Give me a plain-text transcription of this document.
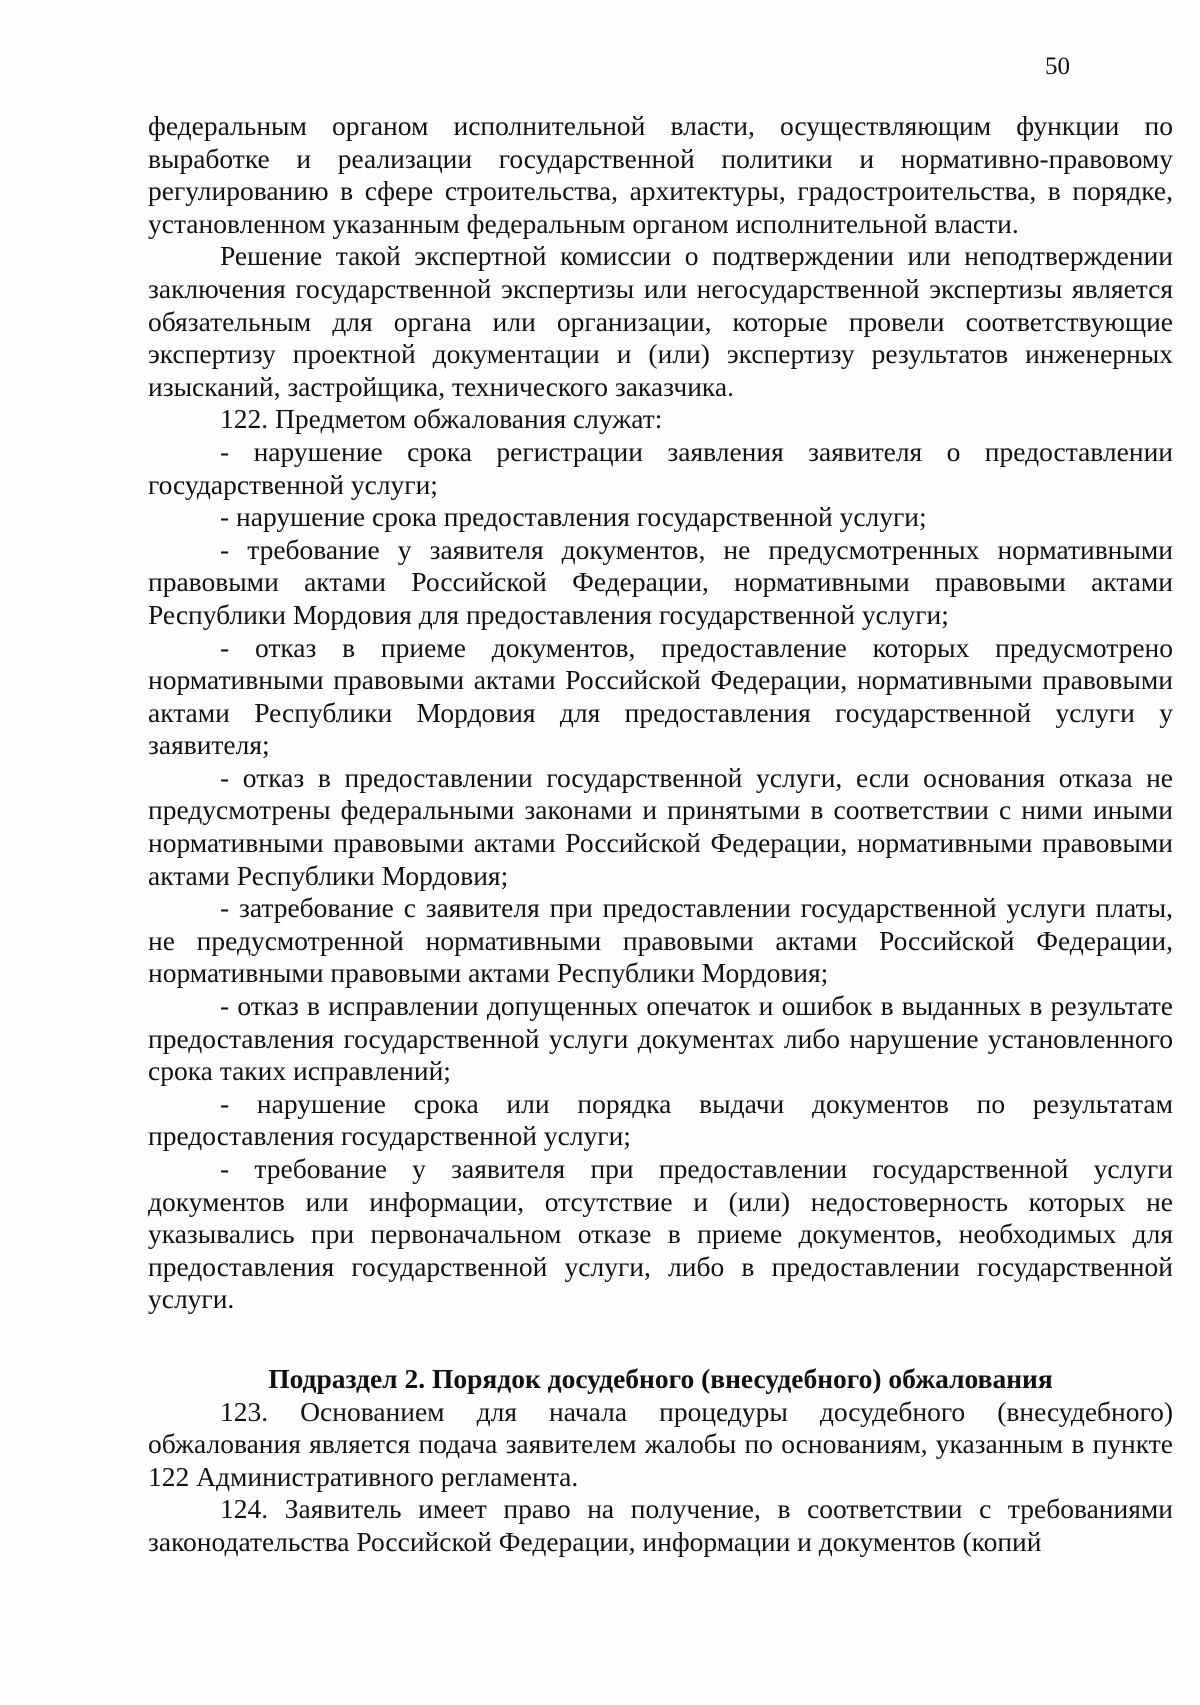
50

федеральным органом исполнительной власти, осуществляющим функции по выработке и реализации государственной политики и нормативно-правовому регулированию в сфере строительства, архитектуры, градостроительства, в порядке, установленном указанным федеральным органом исполнительной власти.

Решение такой экспертной комиссии о подтверждении или неподтверждении заключения государственной экспертизы или негосударственной экспертизы является обязательным для органа или организации, которые провели соответствующие экспертизу проектной документации и (или) экспертизу результатов инженерных изысканий, застройщика, технического заказчика.

122. Предметом обжалования служат:

- нарушение срока регистрации заявления заявителя о предоставлении государственной услуги;

- нарушение срока предоставления государственной услуги;

- требование у заявителя документов, не предусмотренных нормативными правовыми актами Российской Федерации, нормативными правовыми актами Республики Мордовия для предоставления государственной услуги;

- отказ в приеме документов, предоставление которых предусмотрено нормативными правовыми актами Российской Федерации, нормативными правовыми актами Республики Мордовия для предоставления государственной услуги у заявителя;

- отказ в предоставлении государственной услуги, если основания отказа не предусмотрены федеральными законами и принятыми в соответствии с ними иными нормативными правовыми актами Российской Федерации, нормативными правовыми актами Республики Мордовия;

- затребование с заявителя при предоставлении государственной услуги платы, не предусмотренной нормативными правовыми актами Российской Федерации, нормативными правовыми актами Республики Мордовия;

- отказ в исправлении допущенных опечаток и ошибок в выданных в результате предоставления государственной услуги документах либо нарушение установленного срока таких исправлений;

- нарушение срока или порядка выдачи документов по результатам предоставления государственной услуги;

- требование у заявителя при предоставлении государственной услуги документов или информации, отсутствие и (или) недостоверность которых не указывались при первоначальном отказе в приеме документов, необходимых для предоставления государственной услуги, либо в предоставлении государственной услуги.

Подраздел 2. Порядок досудебного (внесудебного) обжалования

123. Основанием для начала процедуры досудебного (внесудебного) обжалования является подача заявителем жалобы по основаниям, указанным в пункте 122 Административного регламента.

124. Заявитель имеет право на получение, в соответствии с требованиями законодательства Российской Федерации, информации и документов (копий
